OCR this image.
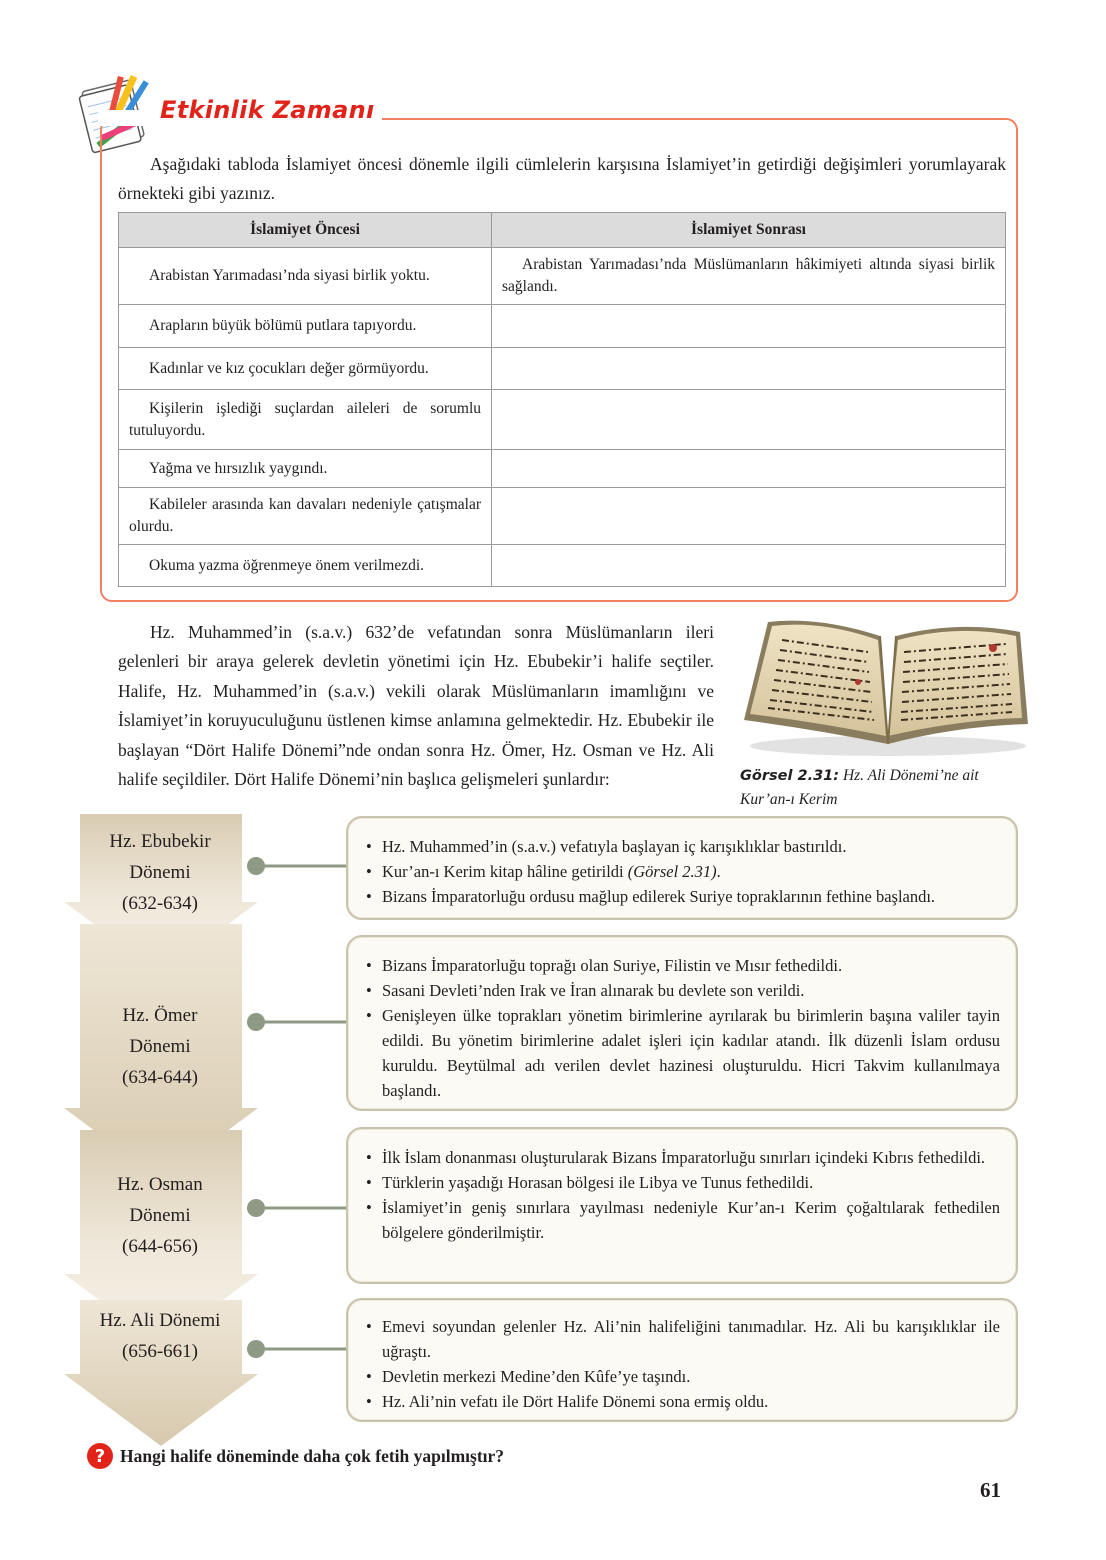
Etkinlik Zamanı
Aşağıdaki tabloda İslamiyet öncesi dönemle ilgili cümlelerin karşısına İslamiyet’in getirdiği değişimleri yorumlayarak örnekteki gibi yazınız.
İslamiyet Öncesi	İslamiyet Sonrası
Arabistan Yarımadası’nda siyasi birlik yoktu.	Arabistan Yarımadası’nda Müslümanların hâkimiyeti altında siyasi birlik sağlandı.
Arapların büyük bölümü putlara tapıyordu.	
Kadınlar ve kız çocukları değer görmüyordu.	
Kişilerin işlediği suçlardan aileleri de sorumlu tutuluyordu.	
Yağma ve hırsızlık yaygındı.	
Kabileler arasında kan davaları nedeniyle çatışmalar olurdu.	
Okuma yazma öğrenmeye önem verilmezdi.	
Hz. Muhammed’in (s.a.v.) 632’de vefatından sonra Müslümanların ileri gelenleri bir araya gelerek devletin yönetimi için Hz. Ebubekir’i halife seçtiler. Halife, Hz. Muhammed’in (s.a.v.) vekili olarak Müslümanların imamlığını ve İslamiyet’in koruyuculuğunu üstlenen kimse anlamına gelmektedir. Hz. Ebubekir ile başlayan “Dört Halife Dönemi”nde ondan sonra Hz. Ömer, Hz. Osman ve Hz. Ali halife seçildiler. Dört Halife Dönemi’nin başlıca gelişmeleri şunlardır:	Görsel 2.31: Hz. Ali Dönemi’ne ait Kur’an-ı Kerim
Hz. Ebubekir
Dönemi
(632-634)
Hz. Ömer
Dönemi
(634-644)
Hz. Osman
Dönemi
(644-656)
Hz. Ali Dönemi
(656-661)
• Hz. Muhammed’in (s.a.v.) vefatıyla başlayan iç karışıklıklar bastırıldı.
• Kur’an-ı Kerim kitap hâline getirildi (Görsel 2.31).
• Bizans İmparatorluğu ordusu mağlup edilerek Suriye topraklarının fethine başlandı.
• Bizans İmparatorluğu toprağı olan Suriye, Filistin ve Mısır fethedildi.
• Sasani Devleti’nden Irak ve İran alınarak bu devlete son verildi.
• Genişleyen ülke toprakları yönetim birimlerine ayrılarak bu birimlerin başına valiler tayin edildi. Bu yönetim birimlerine adalet işleri için kadılar atandı. İlk düzenli İslam ordusu kuruldu. Beytülmal adı verilen devlet hazinesi oluşturuldu. Hicri Takvim kullanılmaya başlandı.
• İlk İslam donanması oluşturularak Bizans İmparatorluğu sınırları içindeki Kıbrıs fethedildi.
• Türklerin yaşadığı Horasan bölgesi ile Libya ve Tunus fethedildi.
• İslamiyet’in geniş sınırlara yayılması nedeniyle Kur’an-ı Kerim çoğaltılarak fethedilen bölgelere gönderilmiştir.
• Emevi soyundan gelenler Hz. Ali’nin halifeliğini tanımadılar. Hz. Ali bu karışıklıklar ile uğraştı.
• Devletin merkezi Medine’den Kûfe’ye taşındı.
• Hz. Ali’nin vefatı ile Dört Halife Dönemi sona ermiş oldu.
? Hangi halife döneminde daha çok fetih yapılmıştır?
61
